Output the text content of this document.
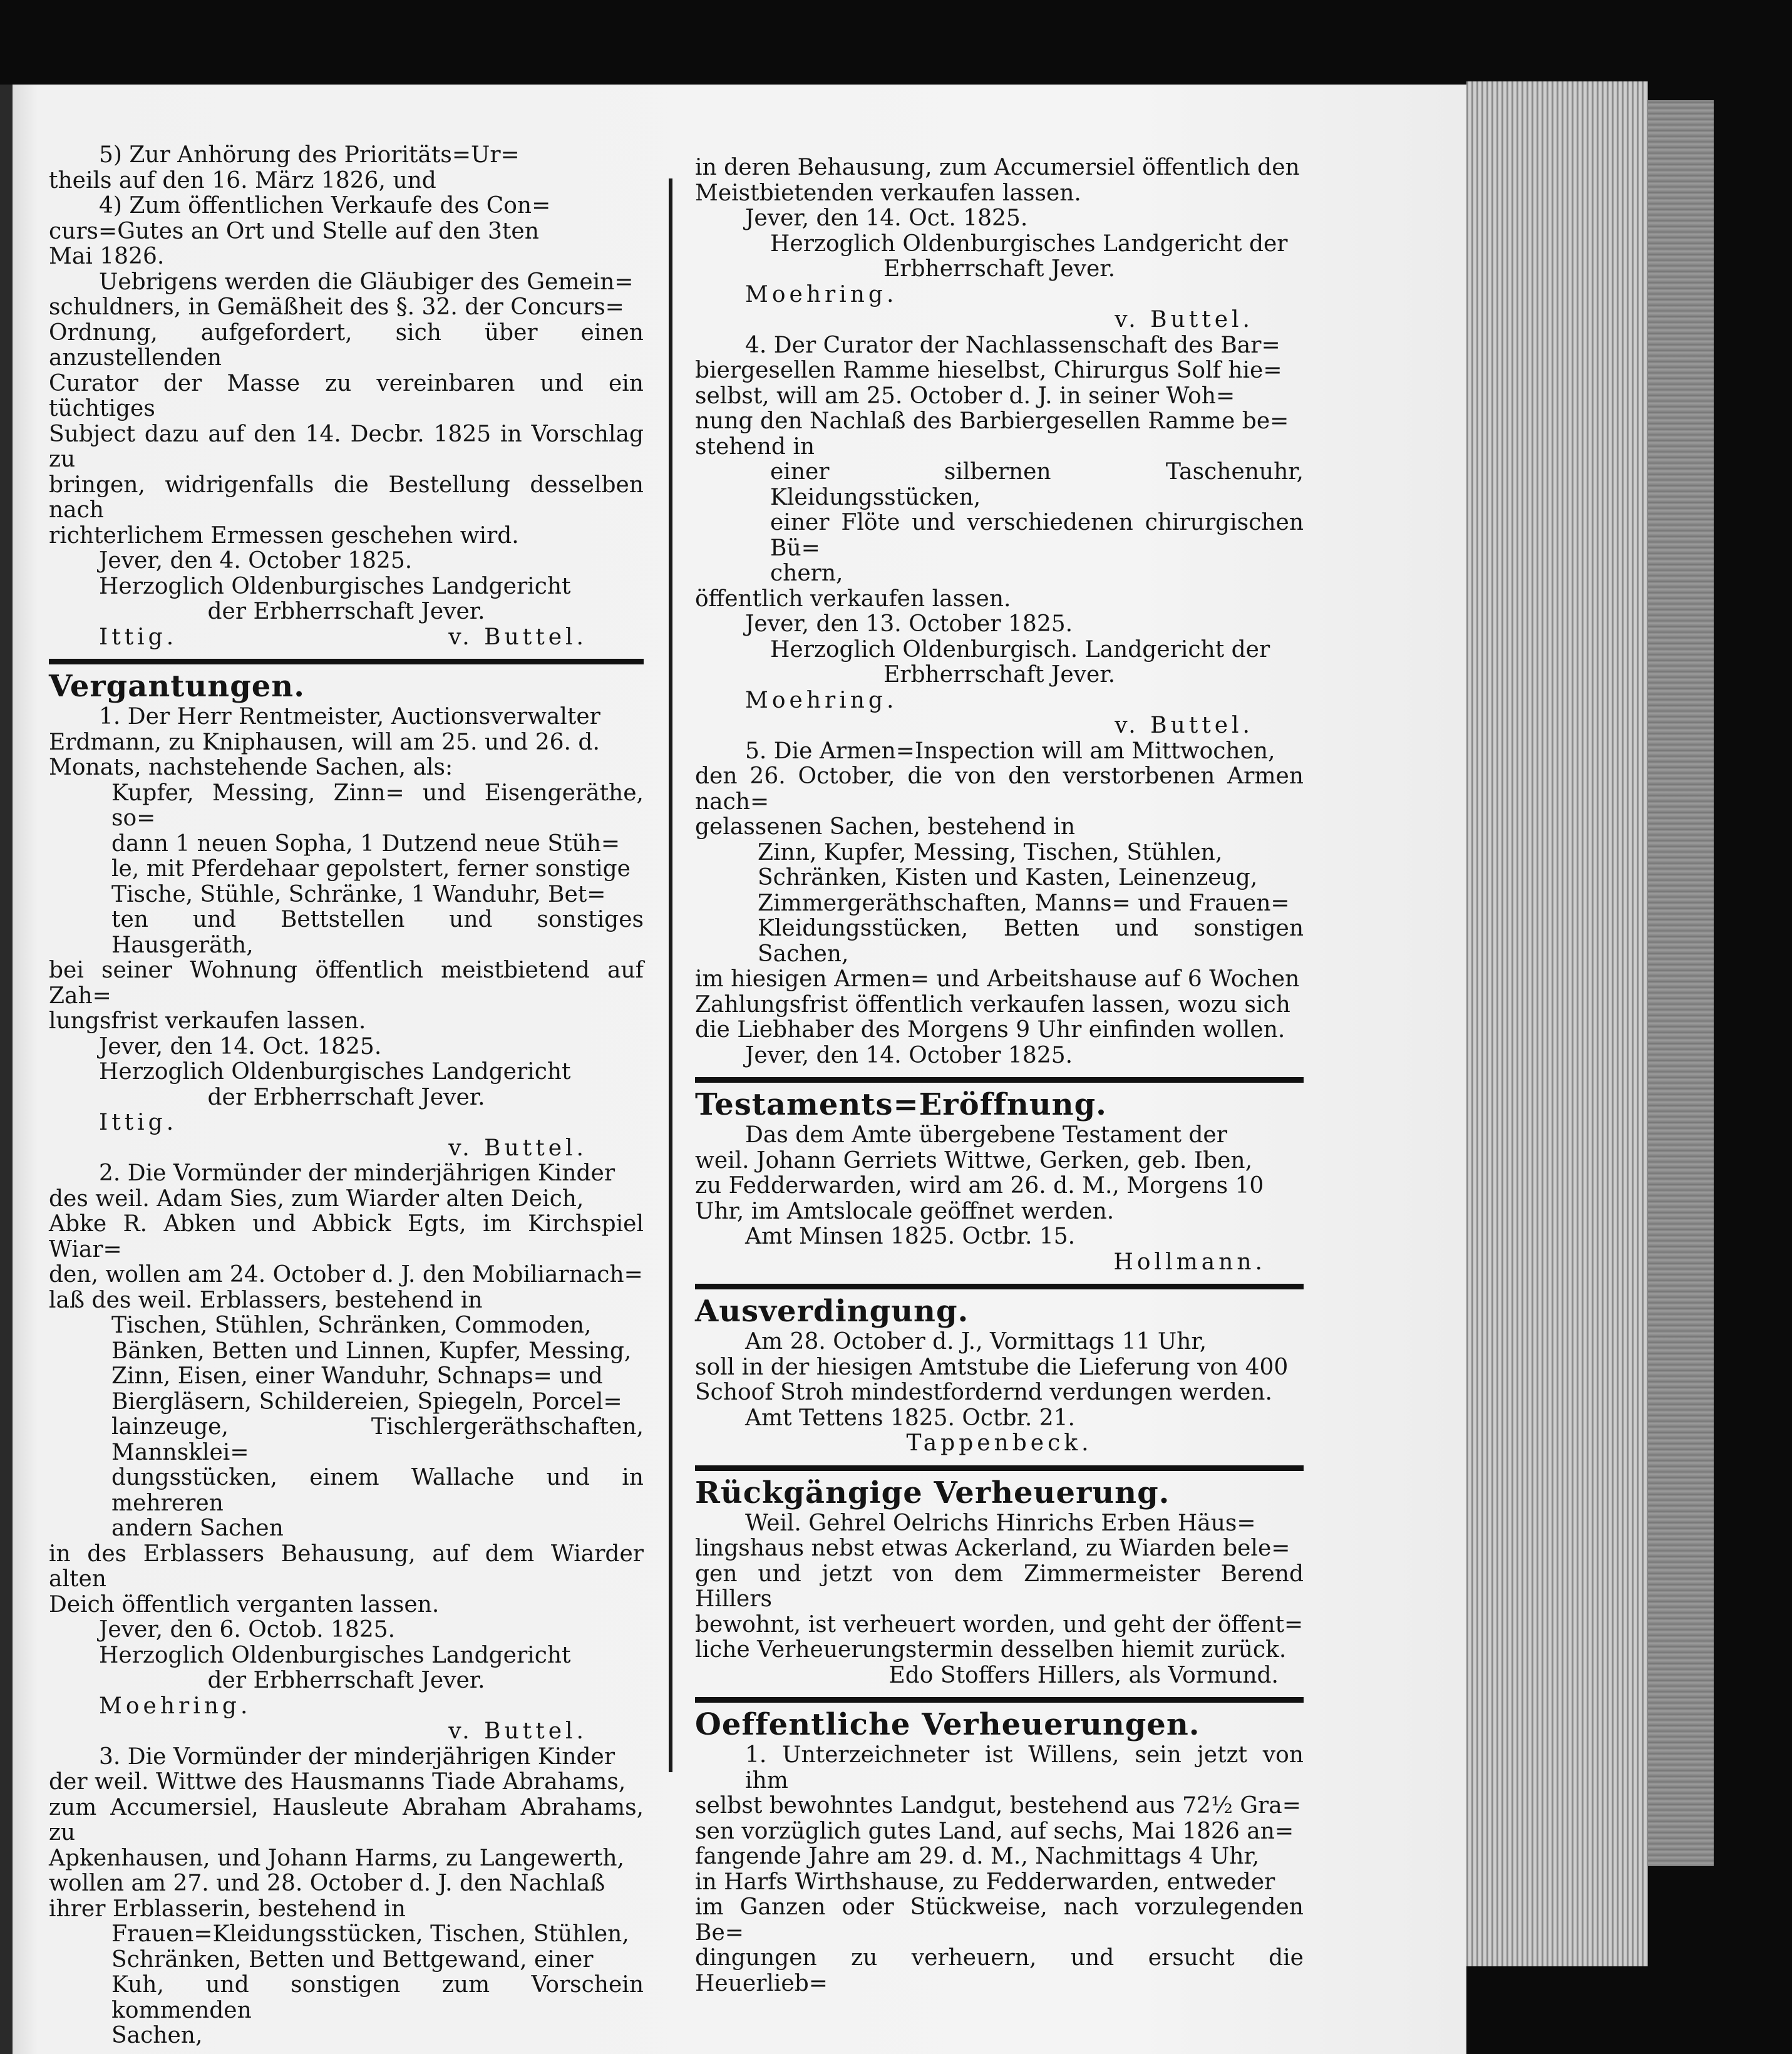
5) Zur Anhörung des Prioritäts=Ur=

theils auf den 16. März 1826, und

4) Zum öffentlichen Verkaufe des Con=

curs=Gutes an Ort und Stelle auf den 3ten

Mai 1826.

Uebrigens werden die Gläubiger des Gemein=

schuldners, in Gemäßheit des §. 32. der Concurs=

Ordnung, aufgefordert, sich über einen anzustellenden

Curator der Masse zu vereinbaren und ein tüchtiges

Subject dazu auf den 14. Decbr. 1825 in Vorschlag zu

bringen, widrigenfalls die Bestellung desselben nach

richterlichem Ermessen geschehen wird.

Jever, den 4. October 1825.

Herzoglich Oldenburgisches Landgericht

der Erbherrschaft Jever.

Ittig.	v. Buttel.

Vergantungen.

1. Der Herr Rentmeister, Auctionsverwalter

Erdmann, zu Kniphausen, will am 25. und 26. d.

Monats, nachstehende Sachen, als:

Kupfer, Messing, Zinn= und Eisengeräthe, so=

dann 1 neuen Sopha, 1 Dutzend neue Stüh=

le, mit Pferdehaar gepolstert, ferner sonstige

Tische, Stühle, Schränke, 1 Wanduhr, Bet=

ten und Bettstellen und sonstiges Hausgeräth,

bei seiner Wohnung öffentlich meistbietend auf Zah=

lungsfrist verkaufen lassen.

Jever, den 14. Oct. 1825.

Herzoglich Oldenburgisches Landgericht

der Erbherrschaft Jever.

Ittig.

v. Buttel.

2. Die Vormünder der minderjährigen Kinder

des weil. Adam Sies, zum Wiarder alten Deich,

Abke R. Abken und Abbick Egts, im Kirchspiel Wiar=

den, wollen am 24. October d. J. den Mobiliarnach=

laß des weil. Erblassers, bestehend in

Tischen, Stühlen, Schränken, Commoden,

Bänken, Betten und Linnen, Kupfer, Messing,

Zinn, Eisen, einer Wanduhr, Schnaps= und

Biergläsern, Schildereien, Spiegeln, Porcel=

lainzeuge, Tischlergeräthschaften, Mannsklei=

dungsstücken, einem Wallache und in mehreren

andern Sachen

in des Erblassers Behausung, auf dem Wiarder alten

Deich öffentlich verganten lassen.

Jever, den 6. Octob. 1825.

Herzoglich Oldenburgisches Landgericht

der Erbherrschaft Jever.

Moehring.

v. Buttel.

3. Die Vormünder der minderjährigen Kinder

der weil. Wittwe des Hausmanns Tiade Abrahams,

zum Accumersiel, Hausleute Abraham Abrahams, zu

Apkenhausen, und Johann Harms, zu Langewerth,

wollen am 27. und 28. October d. J. den Nachlaß

ihrer Erblasserin, bestehend in

Frauen=Kleidungsstücken, Tischen, Stühlen,

Schränken, Betten und Bettgewand, einer

Kuh, und sonstigen zum Vorschein kommenden

Sachen,

in deren Behausung, zum Accumersiel öffentlich den

Meistbietenden verkaufen lassen.

Jever, den 14. Oct. 1825.

Herzoglich Oldenburgisches Landgericht der

Erbherrschaft Jever.

Moehring.

v. Buttel.

4. Der Curator der Nachlassenschaft des Bar=

biergesellen Ramme hieselbst, Chirurgus Solf hie=

selbst, will am 25. October d. J. in seiner Woh=

nung den Nachlaß des Barbiergesellen Ramme be=

stehend in

einer silbernen Taschenuhr, Kleidungsstücken,

einer Flöte und verschiedenen chirurgischen Bü=

chern,

öffentlich verkaufen lassen.

Jever, den 13. October 1825.

Herzoglich Oldenburgisch. Landgericht der

Erbherrschaft Jever.

Moehring.

v. Buttel.

5. Die Armen=Inspection will am Mittwochen,

den 26. October, die von den verstorbenen Armen nach=

gelassenen Sachen, bestehend in

Zinn, Kupfer, Messing, Tischen, Stühlen,

Schränken, Kisten und Kasten, Leinenzeug,

Zimmergeräthschaften, Manns= und Frauen=

Kleidungsstücken, Betten und sonstigen Sachen,

im hiesigen Armen= und Arbeitshause auf 6 Wochen

Zahlungsfrist öffentlich verkaufen lassen, wozu sich

die Liebhaber des Morgens 9 Uhr einfinden wollen.

Jever, den 14. October 1825.

Testaments=Eröffnung.

Das dem Amte übergebene Testament der

weil. Johann Gerriets Wittwe, Gerken, geb. Iben,

zu Fedderwarden, wird am 26. d. M., Morgens 10

Uhr, im Amtslocale geöffnet werden.

Amt Minsen 1825. Octbr. 15.

Hollmann.

Ausverdingung.

Am 28. October d. J., Vormittags 11 Uhr,

soll in der hiesigen Amtstube die Lieferung von 400

Schoof Stroh mindestfordernd verdungen werden.

Amt Tettens 1825. Octbr. 21.

Tappenbeck.

Rückgängige Verheuerung.

Weil. Gehrel Oelrichs Hinrichs Erben Häus=

lingshaus nebst etwas Ackerland, zu Wiarden bele=

gen und jetzt von dem Zimmermeister Berend Hillers

bewohnt, ist verheuert worden, und geht der öffent=

liche Verheuerungstermin desselben hiemit zurück.

Edo Stoffers Hillers, als Vormund.

Oeffentliche Verheuerungen.

1. Unterzeichneter ist Willens, sein jetzt von ihm

selbst bewohntes Landgut, bestehend aus 72½ Gra=

sen vorzüglich gutes Land, auf sechs, Mai 1826 an=

fangende Jahre am 29. d. M., Nachmittags 4 Uhr,

in Harfs Wirthshause, zu Fedderwarden, entweder

im Ganzen oder Stückweise, nach vorzulegenden Be=

dingungen zu verheuern, und ersucht die Heuerlieb=
